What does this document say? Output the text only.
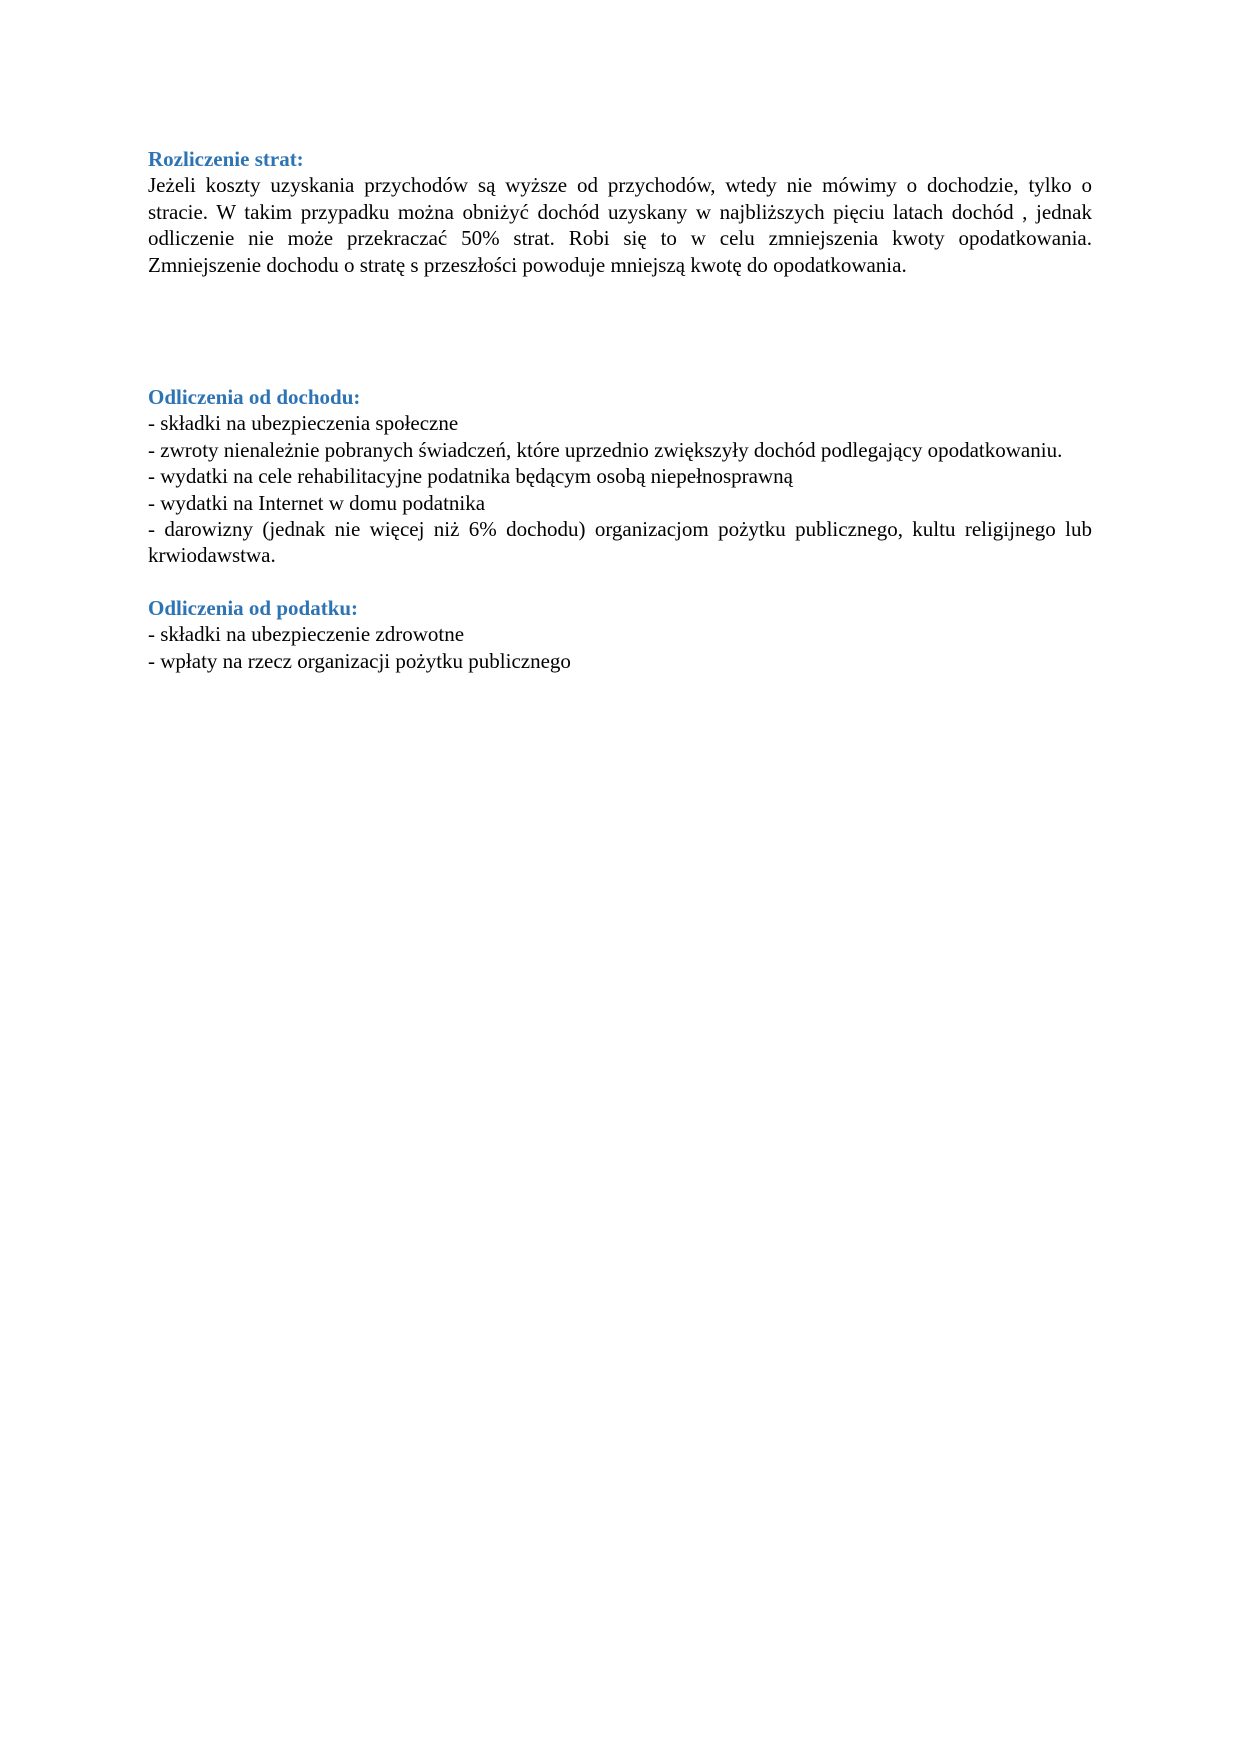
Rozliczenie strat:

Jeżeli koszty uzyskania przychodów są wyższe od przychodów, wtedy nie mówimy o dochodzie, tylko o stracie. W takim przypadku można obniżyć dochód uzyskany w najbliższych pięciu latach dochód , jednak odliczenie nie może przekraczać 50% strat. Robi się to w celu zmniejszenia kwoty opodatkowania. Zmniejszenie dochodu o stratę s przeszłości powoduje mniejszą kwotę do opodatkowania.

Odliczenia od dochodu:

- składki na ubezpieczenia społeczne
- zwroty nienależnie pobranych świadczeń, które uprzednio zwiększyły dochód podlegający opodatkowaniu.
- wydatki na cele rehabilitacyjne podatnika będącym osobą niepełnosprawną
- wydatki na Internet w domu podatnika
- darowizny (jednak nie więcej niż 6% dochodu) organizacjom pożytku publicznego, kultu religijnego lub krwiodawstwa.

Odliczenia od podatku:

- składki na ubezpieczenie zdrowotne
- wpłaty na rzecz organizacji pożytku publicznego
